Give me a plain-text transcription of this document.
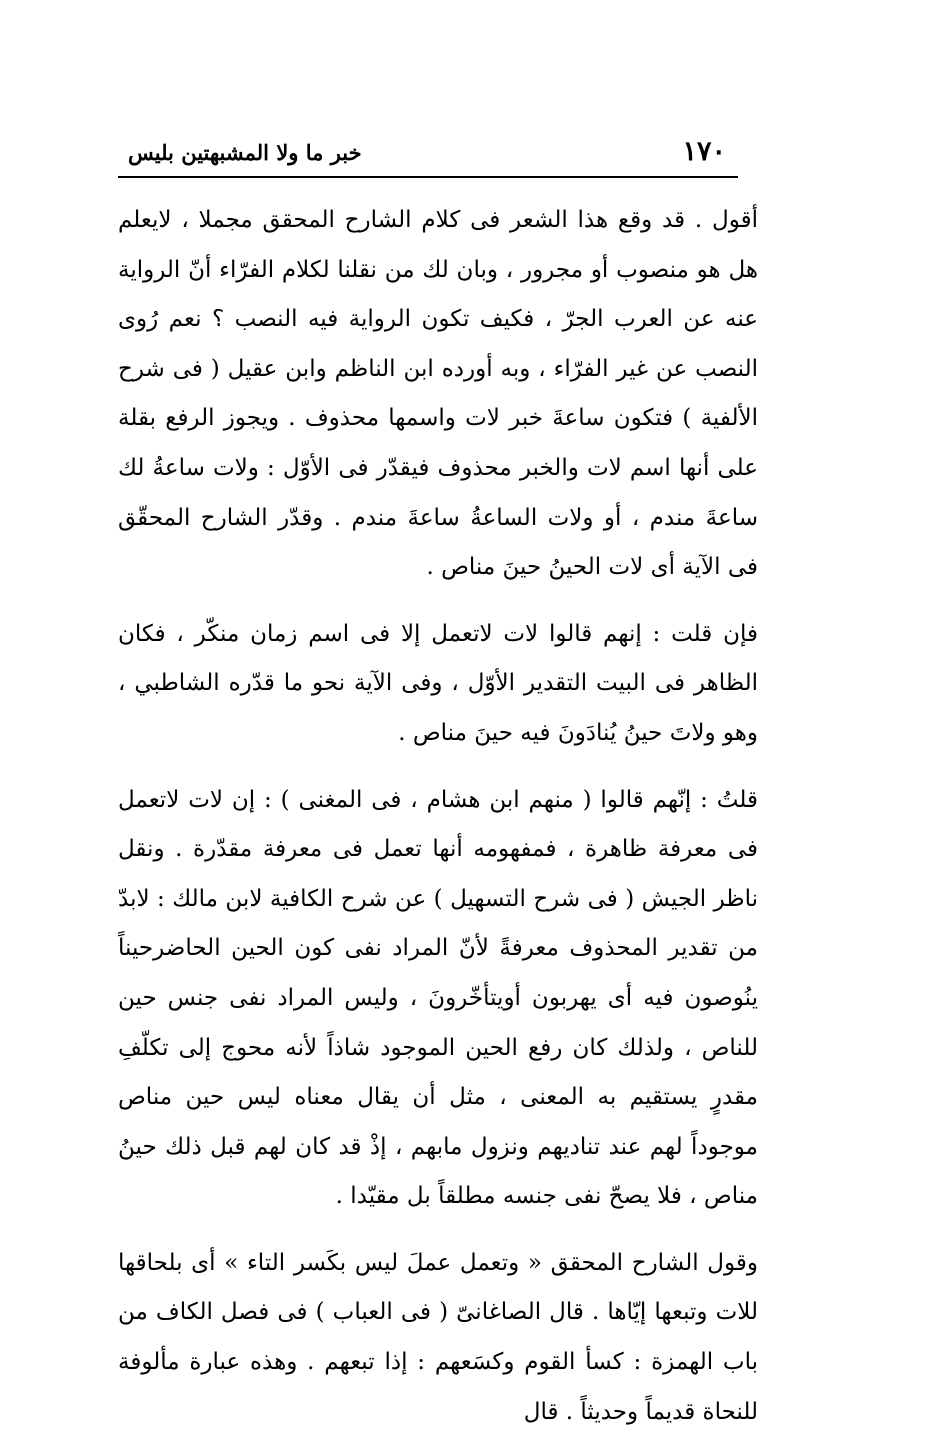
١٧٠
خبر ما ولا المشبهتين بليس

أقول . قد وقع هذا الشعر فى كلام الشارح المحقق مجملا ، لايعلم هل هو منصوب أو مجرور ، وبان لك من نقلنا لكلام الفرّاء أنّ الرواية عنه عن العرب الجرّ ، فكيف تكون الرواية فيه النصب ؟ نعم رُوى النصب عن غير الفرّاء ، وبه أورده ابن الناظم وابن عقيل ( فى شرح الألفية ) فتكون ساعةَ خبر لات واسمها محذوف . ويجوز الرفع بقلة على أنها اسم لات والخبر محذوف فيقدّر فى الأوّل : ولات ساعةُ لك ساعةَ مندم ، أو ولات الساعةُ ساعةَ مندم . وقدّر الشارح المحقّق فى الآية أى لات الحينُ حينَ مناص .

فإن قلت : إنهم قالوا لات لاتعمل إلا فى اسم زمان منكّر ، فكان الظاهر فى البيت التقدير الأوّل ، وفى الآية نحو ما قدّره الشاطبي ، وهو ولاتَ حينُ يُنادَونَ فيه حينَ مناص .

قلتُ : إنّهم قالوا ( منهم ابن هشام ، فى المغنى ) : إن لات لاتعمل فى معرفة ظاهرة ، فمفهومه أنها تعمل فى معرفة مقدّرة . ونقل ناظر الجيش ( فى شرح التسهيل ) عن شرح الكافية لابن مالك : لابدّ من تقدير المحذوف معرفةً لأنّ المراد نفى كون الحين الحاضرحيناً ينُوصون فيه أى يهربون أويتأخّرونَ ، وليس المراد نفى جنس حين للناص ، ولذلك كان رفع الحين الموجود شاذاً لأنه محوج إلى تكلّفِ مقدرٍ يستقيم به المعنى ، مثل أن يقال معناه ليس حين مناص موجوداً لهم عند تناديهم ونزول مابهم ، إذْ قد كان لهم قبل ذلك حينُ مناص ، فلا يصحّ نفى جنسه مطلقاً بل مقيّدا .

وقول الشارح المحقق « وتعمل عملَ ليس بكَسر التاء » أى بلحاقها للات وتبعها إيّاها . قال الصاغانىّ ( فى العباب ) فى فصل الكاف من باب الهمزة : كسأ القوم وكسَعهم : إذا تبعهم . وهذه عبارة مألوفة للنحاة قديماً وحديثاً . قال
